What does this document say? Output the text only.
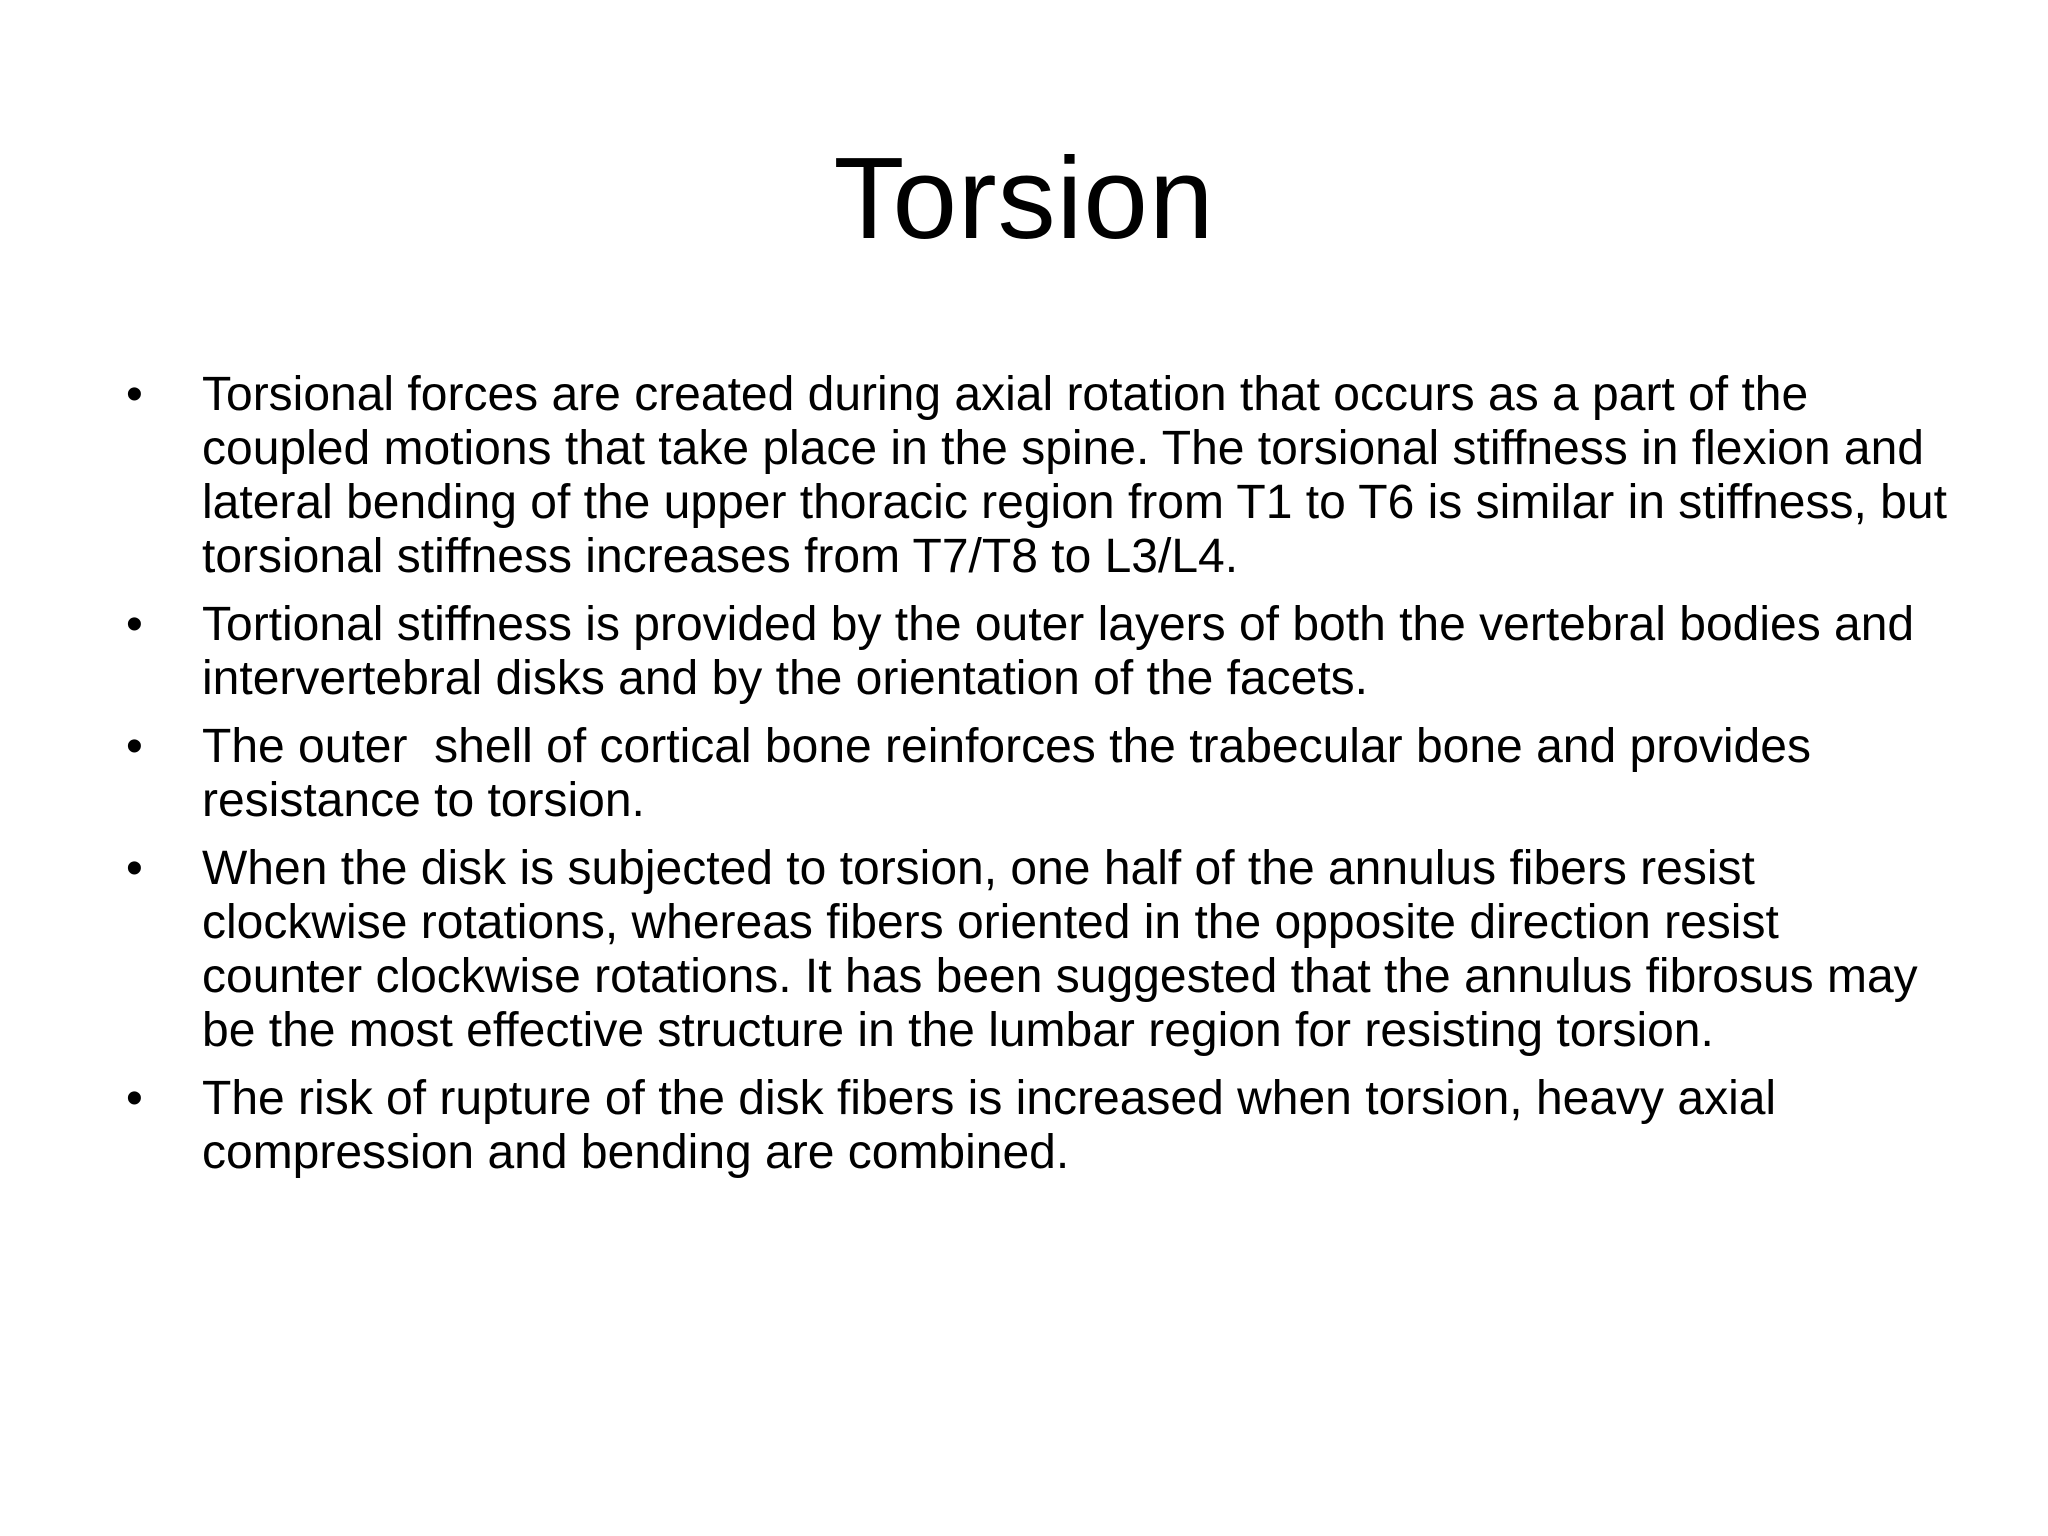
Torsion
• Torsional forces are created during axial rotation that occurs as a part of the coupled motions that take place in the spine. The torsional stiffness in flexion and lateral bending of the upper thoracic region from T1 to T6 is similar in stiffness, but torsional stiffness increases from T7/T8 to L3/L4.
• Tortional stiffness is provided by the outer layers of both the vertebral bodies and intervertebral disks and by the orientation of the facets.
• The outer  shell of cortical bone reinforces the trabecular bone and provides resistance to torsion.
• When the disk is subjected to torsion, one half of the annulus fibers resist clockwise rotations, whereas fibers oriented in the opposite direction resist counter clockwise rotations. It has been suggested that the annulus fibrosus may be the most effective structure in the lumbar region for resisting torsion.
• The risk of rupture of the disk fibers is increased when torsion, heavy axial compression and bending are combined.
